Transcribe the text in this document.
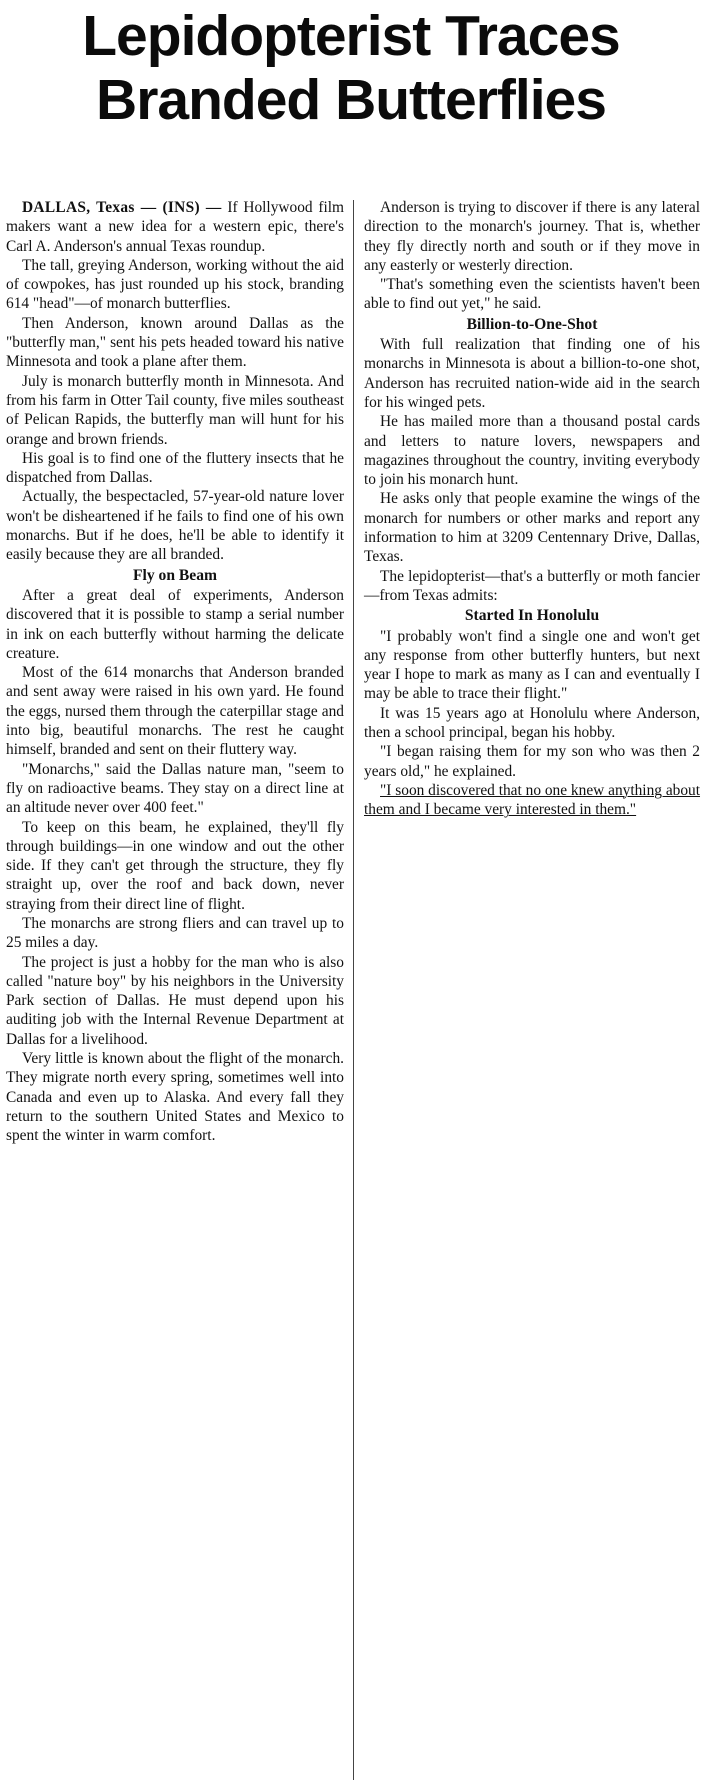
Lepidopterist Traces
Branded Butterflies

DALLAS, Texas — (INS) — If Hollywood film makers want a new idea for a western epic, there's Carl A. Anderson's annual Texas roundup.

The tall, greying Anderson, working without the aid of cowpokes, has just rounded up his stock, branding 614 "head"—of monarch butterflies.

Then Anderson, known around Dallas as the "butterfly man," sent his pets headed toward his native Minnesota and took a plane after them.

July is monarch butterfly month in Minnesota. And from his farm in Otter Tail county, five miles southeast of Pelican Rapids, the butterfly man will hunt for his orange and brown friends.

His goal is to find one of the fluttery insects that he dispatched from Dallas.

Actually, the bespectacled, 57-year-old nature lover won't be disheartened if he fails to find one of his own monarchs. But if he does, he'll be able to identify it easily because they are all branded.

Fly on Beam

After a great deal of experiments, Anderson discovered that it is possible to stamp a serial number in ink on each butterfly without harming the delicate creature.

Most of the 614 monarchs that Anderson branded and sent away were raised in his own yard. He found the eggs, nursed them through the caterpillar stage and into big, beautiful monarchs. The rest he caught himself, branded and sent on their fluttery way.

"Monarchs," said the Dallas nature man, "seem to fly on radioactive beams. They stay on a direct line at an altitude never over 400 feet."

To keep on this beam, he explained, they'll fly through buildings—in one window and out the other side. If they can't get through the structure, they fly straight up, over the roof and back down, never straying from their direct line of flight.

The monarchs are strong fliers and can travel up to 25 miles a day.

The project is just a hobby for the man who is also called "nature boy" by his neighbors in the University Park section of Dallas. He must depend upon his auditing job with the Internal Revenue Department at Dallas for a livelihood.

Very little is known about the flight of the monarch. They migrate north every spring, sometimes well into Canada and even up to Alaska. And every fall they return to the southern United States and Mexico to spent the winter in warm comfort.

Anderson is trying to discover if there is any lateral direction to the monarch's journey. That is, whether they fly directly north and south or if they move in any easterly or westerly direction.

"That's something even the scientists haven't been able to find out yet," he said.

Billion-to-One-Shot

With full realization that finding one of his monarchs in Minnesota is about a billion-to-one shot, Anderson has recruited nation-wide aid in the search for his winged pets.

He has mailed more than a thousand postal cards and letters to nature lovers, newspapers and magazines throughout the country, inviting everybody to join his monarch hunt.

He asks only that people examine the wings of the monarch for numbers or other marks and report any information to him at 3209 Centennary Drive, Dallas, Texas.

The lepidopterist—that's a butterfly or moth fancier—from Texas admits:

Started In Honolulu

"I probably won't find a single one and won't get any response from other butterfly hunters, but next year I hope to mark as many as I can and eventually I may be able to trace their flight."

It was 15 years ago at Honolulu where Anderson, then a school principal, began his hobby.

"I began raising them for my son who was then 2 years old," he explained.

"I soon discovered that no one knew anything about them and I became very interested in them."
